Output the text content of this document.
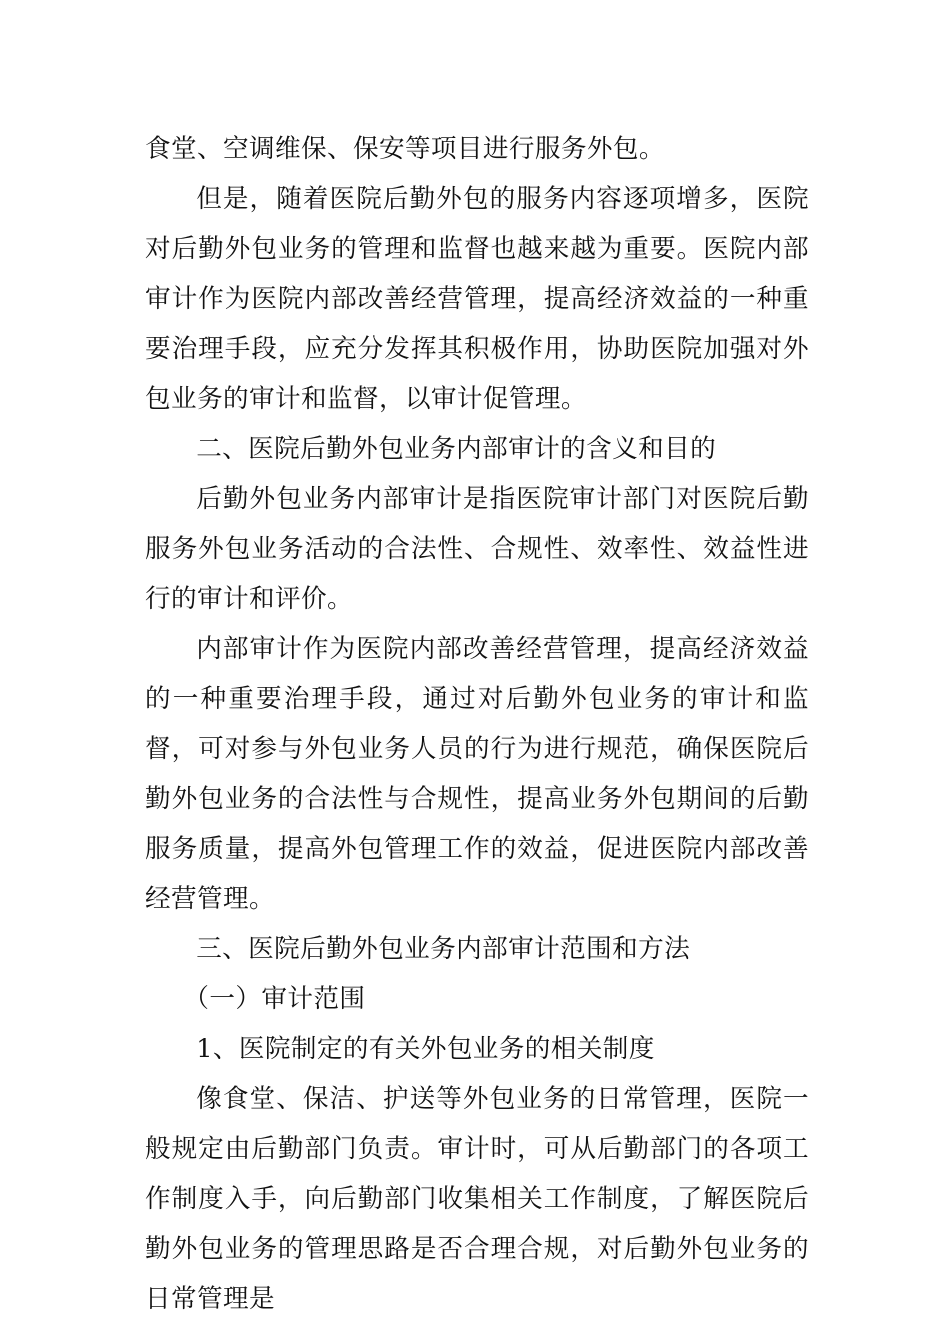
食堂、空调维保、保安等项目进行服务外包。

但是，随着医院后勤外包的服务内容逐项增多，医院对后勤外包业务的管理和监督也越来越为重要。医院内部审计作为医院内部改善经营管理，提高经济效益的一种重要治理手段，应充分发挥其积极作用，协助医院加强对外包业务的审计和监督，以审计促管理。

二、医院后勤外包业务内部审计的含义和目的

后勤外包业务内部审计是指医院审计部门对医院后勤服务外包业务活动的合法性、合规性、效率性、效益性进行的审计和评价。

内部审计作为医院内部改善经营管理，提高经济效益的一种重要治理手段，通过对后勤外包业务的审计和监督，可对参与外包业务人员的行为进行规范，确保医院后勤外包业务的合法性与合规性，提高业务外包期间的后勤服务质量，提高外包管理工作的效益，促进医院内部改善经营管理。

三、医院后勤外包业务内部审计范围和方法

（一）审计范围

1、医院制定的有关外包业务的相关制度

像食堂、保洁、护送等外包业务的日常管理，医院一般规定由后勤部门负责。审计时，可从后勤部门的各项工作制度入手，向后勤部门收集相关工作制度，了解医院后勤外包业务的管理思路是否合理合规，对后勤外包业务的日常管理是
